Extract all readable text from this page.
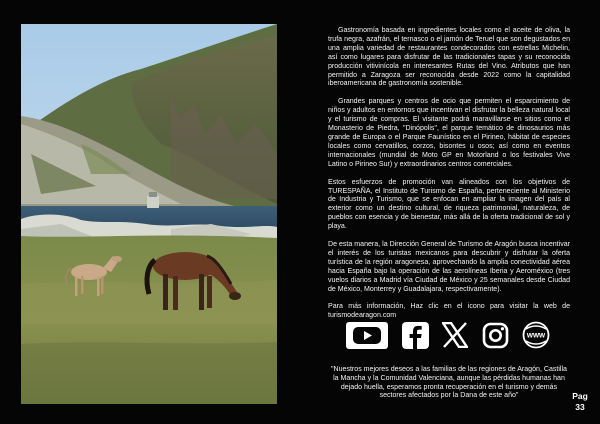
Gastronomía basada en ingredientes locales como el aceite de oliva, la trufa negra, azafrán, el ternasco o el jamón de Teruel que son degustados en una amplia variedad de restaurantes condecorados con estrellas Michelin, así como lugares para disfrutar de las tradicionales tapas y su reconocida producción vitivinícola en interesantes Rutas del Vino. Atributos que han permitido a Zaragoza ser reconocida desde 2022 como la capitalidad iberoamericana de gastronomía sostenible.

Grandes parques y centros de ocio que permiten el esparcimiento de niños y adultos en entornos que incentivan el disfrutar la belleza natural local y el turismo de compras. El visitante podrá maravillarse en sitios como el Monasterio de Piedra, "Dinópolis", el parque temático de dinosaurios más grande de Europa o el Parque Faunístico en el Pirineo, hábitat de especies locales como cervatillos, corzos, bisontes u osos; así como en eventos internacionales (mundial de Moto GP en Motorland o los festivales Vive Latino o Pirineo Sur) y extraordinarios centros comerciales.

Estos esfuerzos de promoción van alineados con los objetivos de TURESPAÑA, el Instituto de Turismo de España, perteneciente al Ministerio de Industria y Turismo, que se enfocan en ampliar la imagen del país al exterior como un destino cultural, de riqueza patrimonial, naturaleza, de pueblos con esencia y de bienestar, más allá de la oferta tradicional de sol y playa.

De esta manera, la Dirección General de Turismo de Aragón busca incentivar el interés de los turistas mexicanos para descubrir y disfrutar la oferta turística de la región aragonesa, aprovechando la amplia conectividad aérea hacia España bajo la operación de las aerolíneas Iberia y Aeroméxico (tres vuelos diarios a Madrid vía Ciudad de México y 25 semanales desde Ciudad de México, Monterrey y Guadalajara, respectivamente).

Para más información, Haz clic en el icono para visitar la web de turismodearagon.com

www
"Nuestros mejores deseos a las familias de las regiones de Aragón, Castilla la Mancha y la Comunidad Valenciana, aunque las pérdidas humanas han dejado huella, esperamos pronta recuperación en el turismo y demás sectores afectados por la Dana de este año"	Pag
33
